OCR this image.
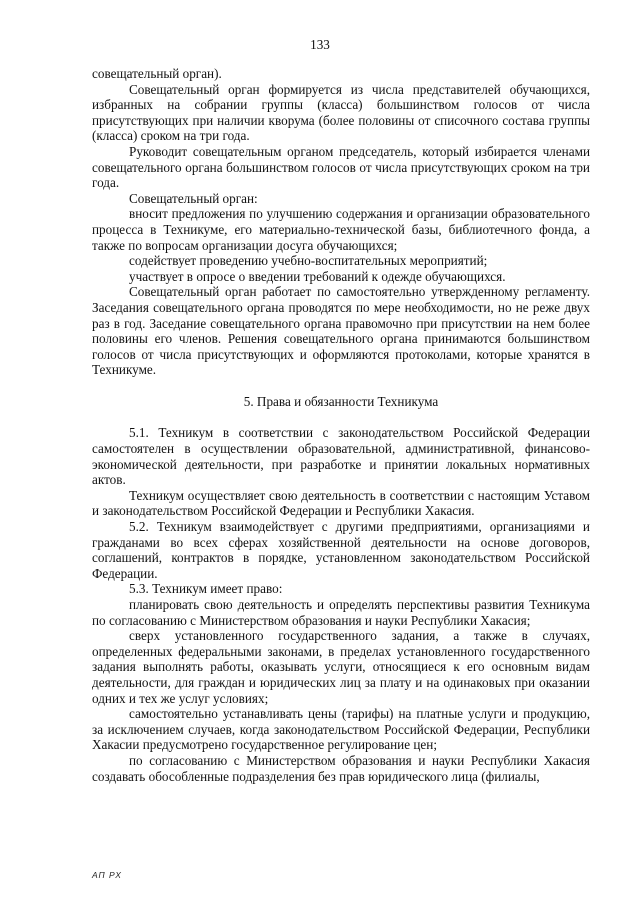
133

совещательный орган).

Совещательный орган формируется из числа представителей обучающихся, избранных на собрании группы (класса) большинством голосов от числа присутствующих при наличии кворума (более половины от списочного состава группы (класса) сроком на три года.

Руководит совещательным органом председатель, который избирается членами совещательного органа большинством голосов от числа присутствующих сроком на три года.

Совещательный орган:

вносит предложения по улучшению содержания и организации образовательного процесса в Техникуме, его материально-технической базы, библиотечного фонда, а также по вопросам организации досуга обучающихся;

содействует проведению учебно-воспитательных мероприятий;

участвует в опросе о введении требований к одежде обучающихся.

Совещательный орган работает по самостоятельно утвержденному регламенту. Заседания совещательного органа проводятся по мере необходимости, но не реже двух раз в год. Заседание совещательного органа правомочно при присутствии на нем более половины его членов. Решения совещательного органа принимаются большинством голосов от числа присутствующих и оформляются протоколами, которые хранятся в Техникуме.

5. Права и обязанности Техникума

5.1. Техникум в соответствии с законодательством Российской Федерации самостоятелен в осуществлении образовательной, административной, финансово-экономической деятельности, при разработке и принятии локальных нормативных актов.

Техникум осуществляет свою деятельность в соответствии с настоящим Уставом и законодательством Российской Федерации и Республики Хакасия.

5.2. Техникум взаимодействует с другими предприятиями, организациями и гражданами во всех сферах хозяйственной деятельности на основе договоров, соглашений, контрактов в порядке, установленном законодательством Российской Федерации.

5.3. Техникум имеет право:

планировать свою деятельность и определять перспективы развития Техникума по согласованию с Министерством образования и науки Республики Хакасия;

сверх установленного государственного задания, а также в случаях, определенных федеральными законами, в пределах установленного государственного задания выполнять работы, оказывать услуги, относящиеся к его основным видам деятельности, для граждан и юридических лиц за плату и на одинаковых при оказании одних и тех же услуг условиях;

самостоятельно устанавливать цены (тарифы) на платные услуги и продукцию, за исключением случаев, когда законодательством Российской Федерации, Республики Хакасии предусмотрено государственное регулирование цен;

по согласованию с Министерством образования и науки Республики Хакасия создавать обособленные подразделения без прав юридического лица (филиалы,

АП РХ
